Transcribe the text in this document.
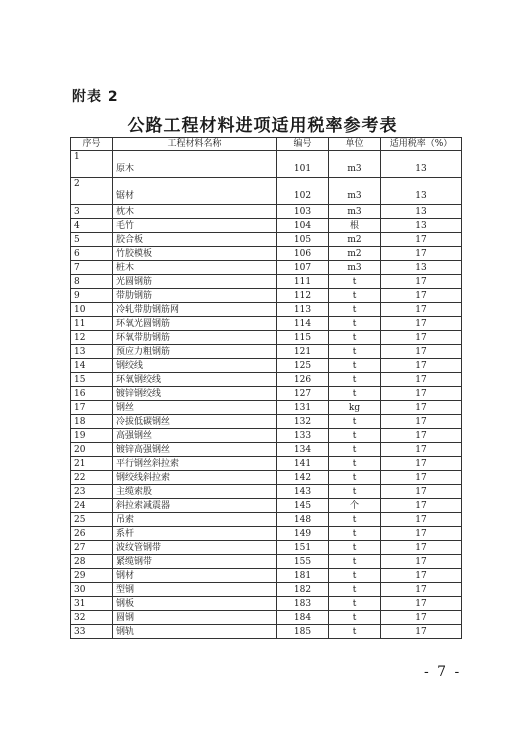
附表 2
公路工程材料进项适用税率参考表
序号	工程材料名称	编号	单位	适用税率（%）
1	原木	101	m3	13
2	锯材	102	m3	13
3	枕木	103	m3	13
4	毛竹	104	根	13
5	胶合板	105	m2	17
6	竹胶模板	106	m2	17
7	桩木	107	m3	13
8	光圆钢筋	111	t	17
9	带肋钢筋	112	t	17
10	冷轧带肋钢筋网	113	t	17
11	环氧光圆钢筋	114	t	17
12	环氧带肋钢筋	115	t	17
13	预应力粗钢筋	121	t	17
14	钢绞线	125	t	17
15	环氧钢绞线	126	t	17
16	镀锌钢绞线	127	t	17
17	钢丝	131	kg	17
18	冷拔低碳钢丝	132	t	17
19	高强钢丝	133	t	17
20	镀锌高强钢丝	134	t	17
21	平行钢丝斜拉索	141	t	17
22	钢绞线斜拉索	142	t	17
23	主缆索股	143	t	17
24	斜拉索减震器	145	个	17
25	吊索	148	t	17
26	系杆	149	t	17
27	波纹管钢带	151	t	17
28	紧缆钢带	155	t	17
29	钢材	181	t	17
30	型钢	182	t	17
31	钢板	183	t	17
32	圆钢	184	t	17
33	钢轨	185	t	17
- 7 -
